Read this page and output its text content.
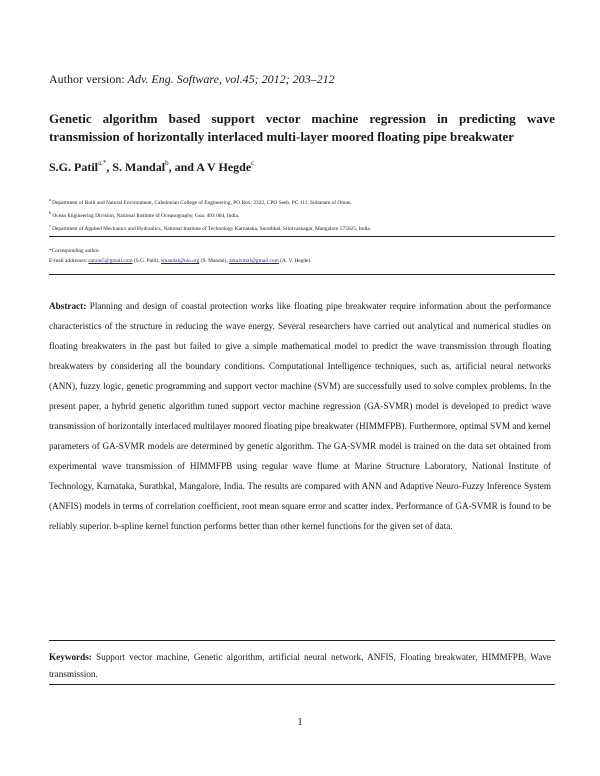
Author version: Adv. Eng. Software, vol.45; 2012; 203–212
Genetic algorithm based support vector machine regression in predicting wave transmission of horizontally interlaced multi-layer moored floating pipe breakwater
S.G. Patil$^{a,*}$, S. Mandal$^b$, and A V Hegde$^c$
$^a$ Department of Built and Natural Environment, Caledonian College of Engineering, PO Box: 2322, CPO Seeb, PC 111, Sultanate of Oman.
$^b$ Ocean Engineering Division, National Institute of Oceanography, Goa. 403 004, India.
$^c$ Department of Applied Mechanics and Hydraulics, National Institute of Technology Karnataka, Surathkal, Srinivasnagar, Mangalore 575025, India.
*Corresponding author.
E-mail addresses: sanras5@gmail.com (S.G. Patil), smandal@nio.org (S. Mandal), arkalvittal@gmail.com (A. V. Hegde).
Abstract: Planning and design of coastal protection works like floating pipe breakwater require information about the performance characteristics of the structure in reducing the wave energy. Several researchers have carried out analytical and numerical studies on floating breakwaters in the past but failed to give a simple mathematical model to predict the wave transmission through floating breakwaters by considering all the boundary conditions. Computational Intelligence techniques, such as, artificial neural networks (ANN), fuzzy logic, genetic programming and support vector machine (SVM) are successfully used to solve complex problems. In the present paper, a hybrid genetic algorithm tuned support vector machine regression (GA-SVMR) model is developed to predict wave transmission of horizontally interlaced multilayer moored floating pipe breakwater (HIMMFPB). Furthermore, optimal SVM and kernel parameters of GA-SVMR models are determined by genetic algorithm. The GA-SVMR model is trained on the data set obtained from experimental wave transmission of HIMMFPB using regular wave flume at Marine Structure Laboratory, National Institute of Technology, Karnataka, Surathkal, Mangalore, India. The results are compared with ANN and Adaptive Neuro-Fuzzy Inference System (ANFIS) models in terms of correlation coefficient, root mean square error and scatter index. Performance of GA-SVMR is found to be reliably superior. b-spline kernel function performs better than other kernel functions for the given set of data.
Keywords: Support vector machine, Genetic algorithm, artificial neural network, ANFIS, Floating breakwater, HIMMFPB, Wave transmission.
1
